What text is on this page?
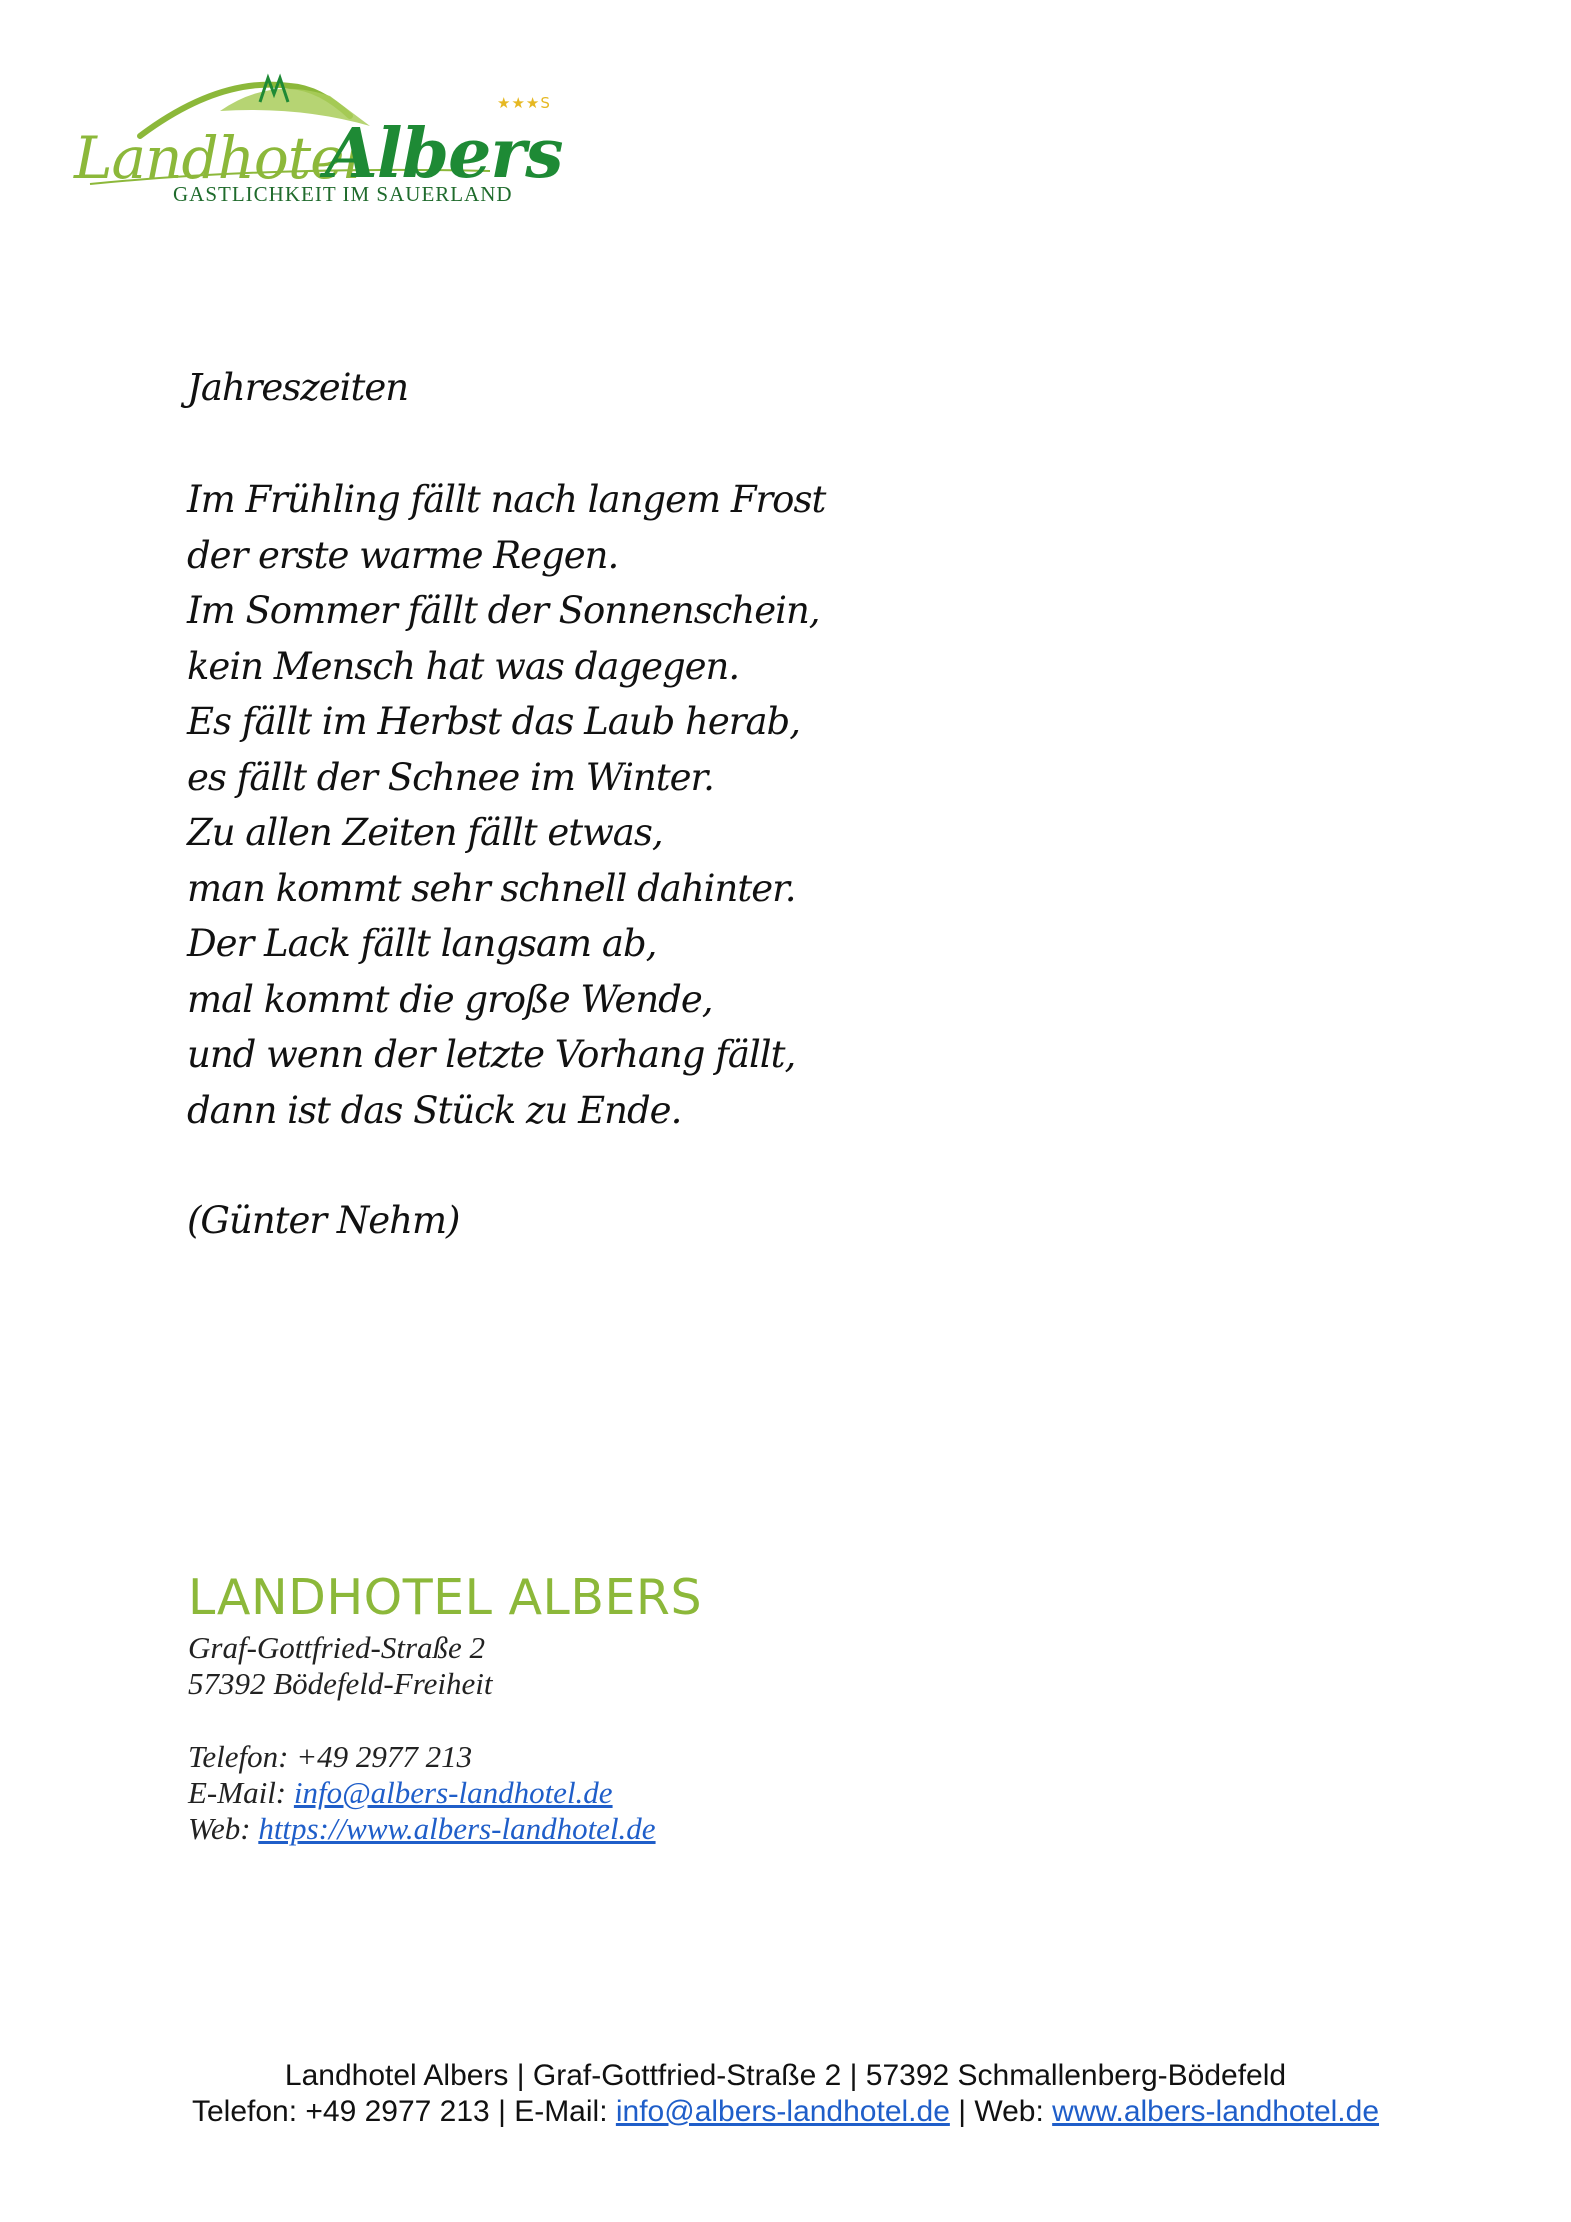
Landhotel
Albers
★★★S
GASTLICHKEIT IM SAUERLAND
Jahreszeiten
Im Frühling fällt nach langem Frost
der erste warme Regen.
Im Sommer fällt der Sonnenschein,
kein Mensch hat was dagegen.
Es fällt im Herbst das Laub herab,
es fällt der Schnee im Winter.
Zu allen Zeiten fällt etwas,
man kommt sehr schnell dahinter.
Der Lack fällt langsam ab,
mal kommt die große Wende,
und wenn der letzte Vorhang fällt,
dann ist das Stück zu Ende.
(Günter Nehm)
LANDHOTEL ALBERS
Graf-Gottfried-Straße 2
57392 Bödefeld-Freiheit
Telefon: +49 2977 213
E-Mail: info@albers-landhotel.de
Web: https://www.albers-landhotel.de
Landhotel Albers | Graf-Gottfried-Straße 2 | 57392 Schmallenberg-Bödefeld
Telefon: +49 2977 213 | E-Mail: info@albers-landhotel.de | Web: www.albers-landhotel.de
